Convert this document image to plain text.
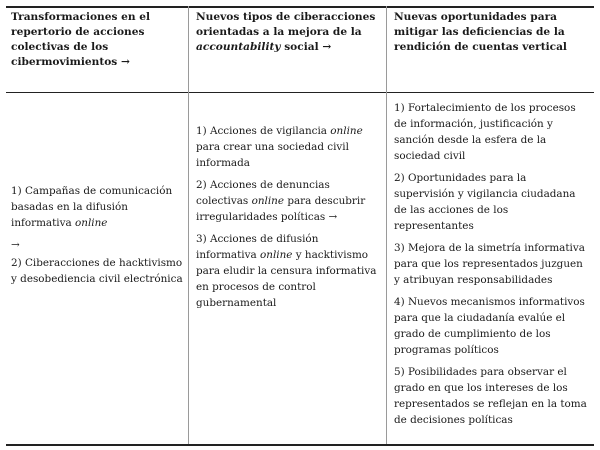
Transformaciones en el repertorio de acciones colectivas de los cibermovimientos →
Nuevos tipos de ciberacciones orientadas a la mejora de la accountability social →
Nuevas oportunidades para mitigar las deficiencias de la rendición de cuentas vertical
1) Campañas de comunicación basadas en la difusión informativa online
→
2) Ciberacciones de hacktivismo y desobediencia civil electrónica
1) Acciones de vigilancia online para crear una sociedad civil informada
2) Acciones de denuncias colectivas online para descubrir irregularidades políticas →
3) Acciones de difusión informativa online y hacktivismo para eludir la censura informativa en procesos de control gubernamental
1) Fortalecimiento de los procesos de información, justificación y sanción desde la esfera de la sociedad civil
2) Oportunidades para la supervisión y vigilancia ciudadana de las acciones de los representantes
3) Mejora de la simetría informativa para que los representados juzguen y atribuyan responsabilidades
4) Nuevos mecanismos informativos para que la ciudadanía evalúe el grado de cumplimiento de los programas políticos
5) Posibilidades para observar el grado en que los intereses de los representados se reflejan en la toma de decisiones políticas
